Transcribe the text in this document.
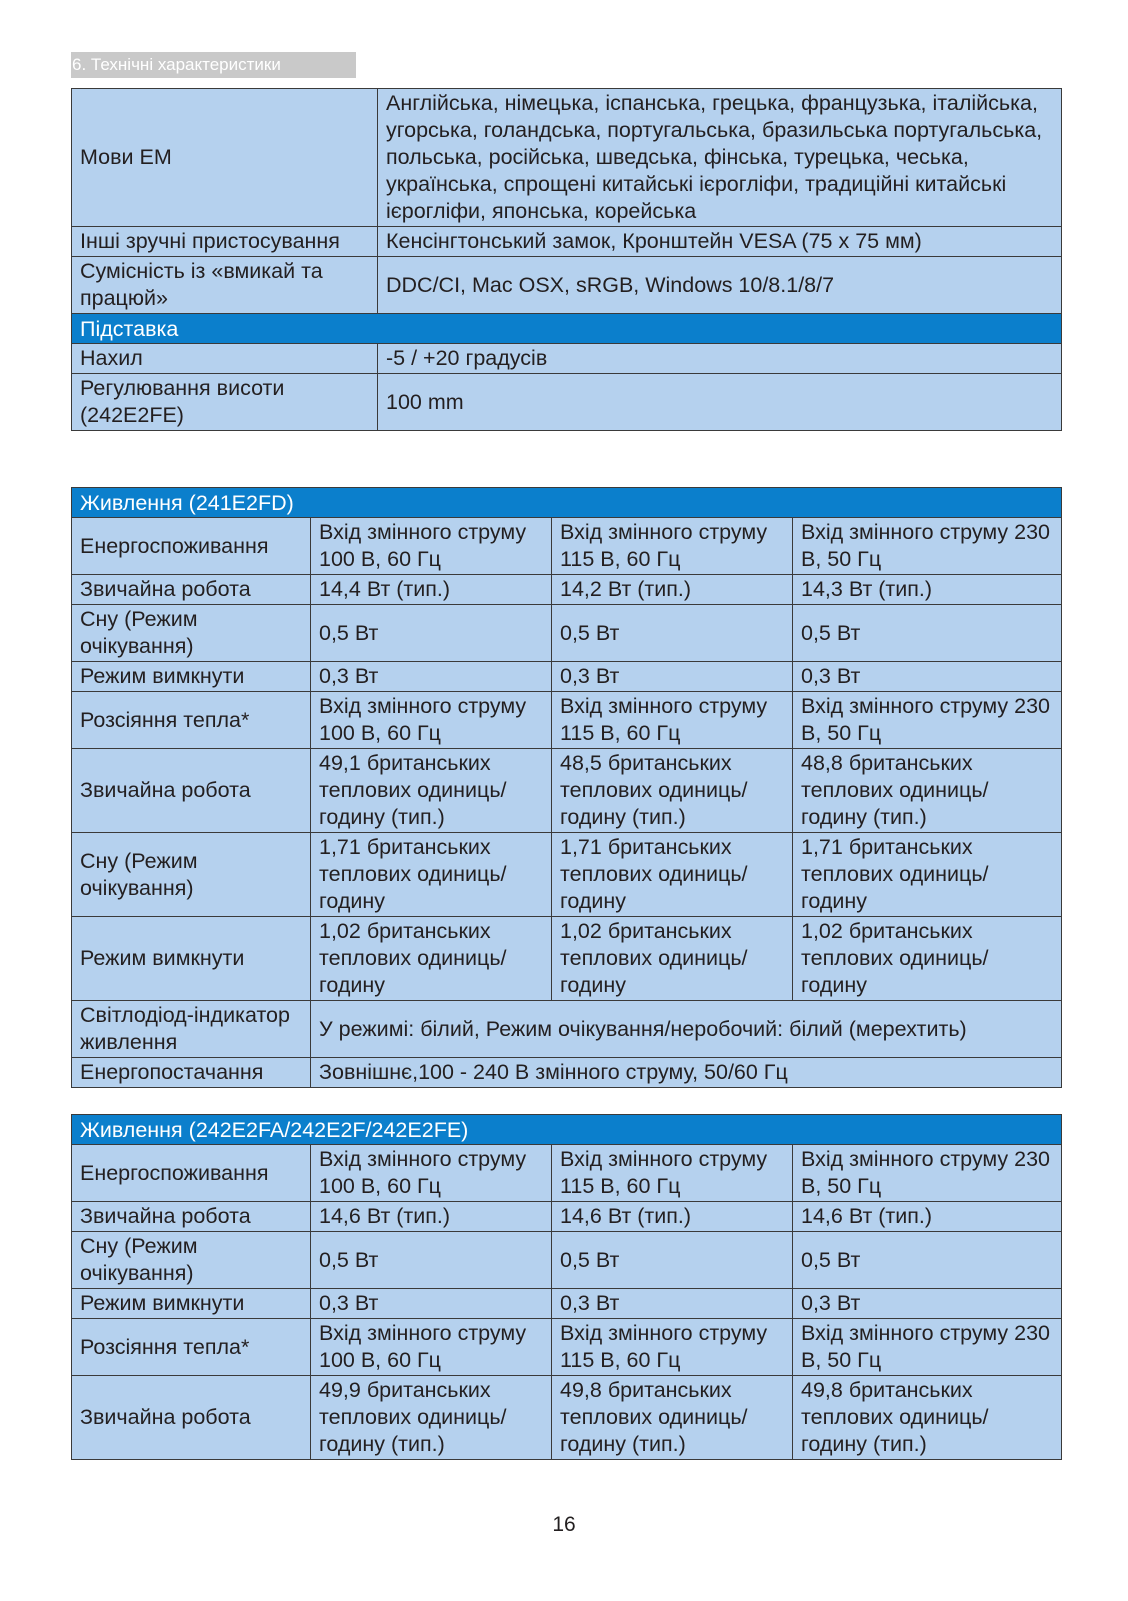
6. Технічні характеристики
Мови ЕМ	Англійська, німецька, іспанська, грецька, французька, італійська, угорська, голандська, португальська, бразильська португальська, польська, російська, шведська, фінська, турецька, чеська, українська, спрощені китайські ієрогліфи, традиційні китайські ієрогліфи, японська, корейська
Інші зручні пристосування	Кенсінгтонський замок, Кронштейн VESA (75 x 75 мм)
Сумісність із «вмикай та працюй»	DDC/CI, Mac OSX, sRGB, Windows 10/8.1/8/7
Підставка	
Нахил	-5 / +20 градусів
Регулювання висоти (242E2FE)	100 mm
Живлення (241E2FD)			
Енергоспоживання	Вхід змінного струму 100 В, 60 Гц	Вхід змінного струму 115 В, 60 Гц	Вхід змінного струму 230 В, 50 Гц
Звичайна робота	14,4 Вт (тип.)	14,2 Вт (тип.)	14,3 Вт (тип.)
Сну (Режим очікування)	0,5 Вт	0,5 Вт	0,5 Вт
Режим вимкнути	0,3 Вт	0,3 Вт	0,3 Вт
Розсіяння тепла*	Вхід змінного струму 100 В, 60 Гц	Вхід змінного струму 115 В, 60 Гц	Вхід змінного струму 230 В, 50 Гц
Звичайна робота	49,1 британських теплових одиниць/ годину (тип.)	48,5 британських теплових одиниць/ годину (тип.)	48,8 британських теплових одиниць/ годину (тип.)
Сну (Режим очікування)	1,71 британських теплових одиниць/ годину	1,71 британських теплових одиниць/ годину	1,71 британських теплових одиниць/ годину
Режим вимкнути	1,02 британських теплових одиниць/ годину	1,02 британських теплових одиниць/ годину	1,02 британських теплових одиниць/ годину
Світлодіод-індикатор живлення	У режимі: білий, Режим очікування/неробочий: білий (мерехтить)		
Енергопостачання	Зовнішнє,100 - 240 В змінного струму, 50/60 Гц		
Живлення (242E2FA/242E2F/242E2FE)			
Енергоспоживання	Вхід змінного струму 100 В, 60 Гц	Вхід змінного струму 115 В, 60 Гц	Вхід змінного струму 230 В, 50 Гц
Звичайна робота	14,6 Вт (тип.)	14,6 Вт (тип.)	14,6 Вт (тип.)
Сну (Режим очікування)	0,5 Вт	0,5 Вт	0,5 Вт
Режим вимкнути	0,3 Вт	0,3 Вт	0,3 Вт
Розсіяння тепла*	Вхід змінного струму 100 В, 60 Гц	Вхід змінного струму 115 В, 60 Гц	Вхід змінного струму 230 В, 50 Гц
Звичайна робота	49,9 британських теплових одиниць/ годину (тип.)	49,8 британських теплових одиниць/ годину (тип.)	49,8 британських теплових одиниць/ годину (тип.)
16
